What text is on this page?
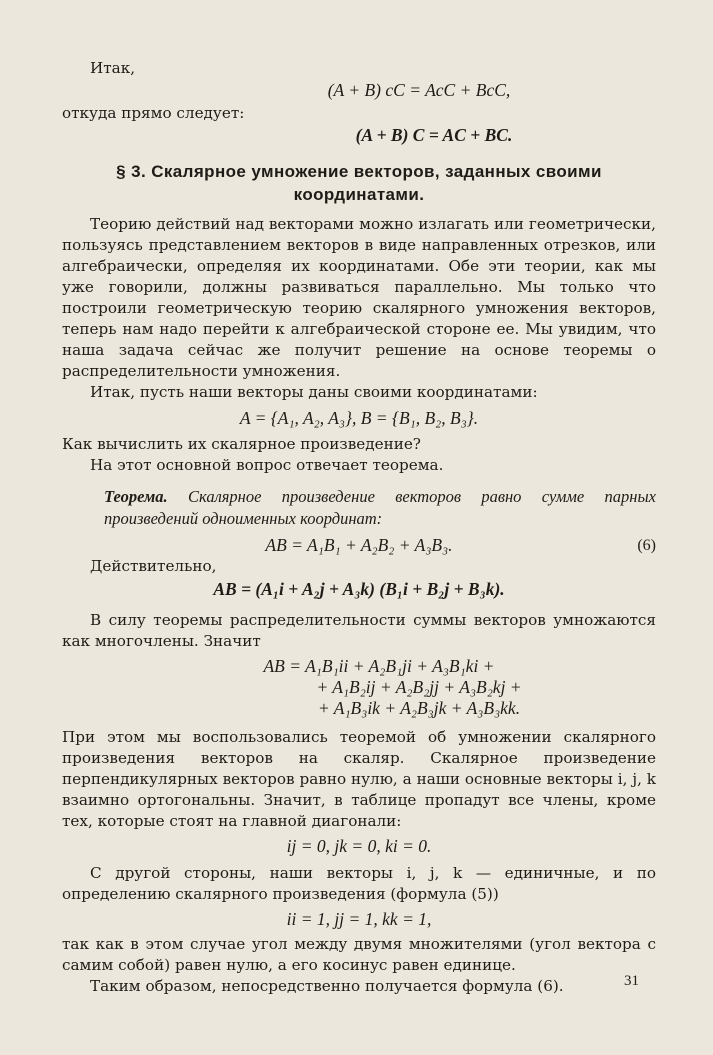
Итак,

(A + B) cC = AcC + BcC,

откуда прямо следует:

(A + B) C = AC + BC.

§ 3. Скалярное умножение векторов, заданных своими

координатами.

Теорию действий над векторами можно излагать или геометрически, пользуясь представлением векторов в виде направленных отрезков, или алгебраически, определяя их координатами. Обе эти теории, как мы уже говорили, должны развиваться параллельно. Мы только что построили геометрическую теорию скалярного умножения векторов, теперь нам надо перейти к алгебраической стороне ее. Мы увидим, что наша задача сейчас же получит решение на основе теоремы о распределительности умножения.

Итак, пусть наши векторы даны своими координатами:

A = {A₁, A₂, A₃}, B = {B₁, B₂, B₃}.

Как вычислить их скалярное произведение?

На этот основной вопрос отвечает теорема.

Теорема. Скалярное произведение векторов равно сумме парных произведений одноименных координат:

AB = A₁B₁ + A₂B₂ + A₃B₃.	(6)

Действительно,

AB = (A₁i + A₂j + A₃k) (B₁i + B₂j + B₃k).

В силу теоремы распределительности суммы векторов умножаются как многочлены. Значит

AB = A₁B₁ii + A₂B₁ji + A₃B₁ki +

+ A₁B₂ij + A₂B₂jj + A₃B₂kj +

+ A₁B₃ik + A₂B₃jk + A₃B₃kk.

При этом мы воспользовались теоремой об умножении скалярного произведения векторов на скаляр. Скалярное произведение перпендикулярных векторов равно нулю, а наши основные векторы i, j, k взаимно ортогональны. Значит, в таблице пропадут все члены, кроме тех, которые стоят на главной диагонали:

ij = 0, jk = 0, ki = 0.

С другой стороны, наши векторы i, j, k — единичные, и по определению скалярного произведения (формула (5))

ii = 1, jj = 1, kk = 1,

так как в этом случае угол между двумя множителями (угол вектора с самим собой) равен нулю, а его косинус равен единице.

Таким образом, непосредственно получается формула (6).	31
